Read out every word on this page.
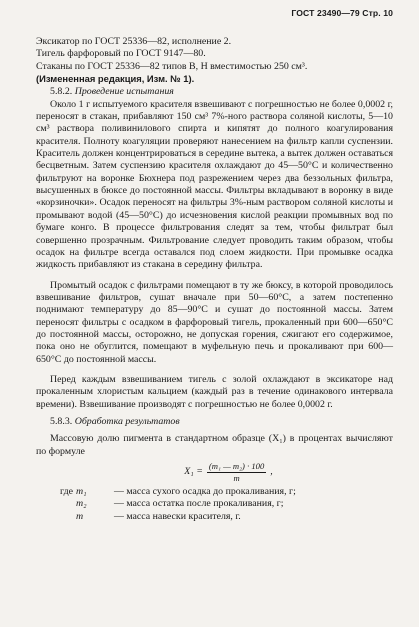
ГОСТ 23490—79 Стр. 10

Эксикатор по ГОСТ 25336—82, исполнение 2.

Тигель фарфоровый по ГОСТ 9147—80.

Стаканы по ГОСТ 25336—82 типов В, Н вместимостью 250 см³.

(Измененная редакция, Изм. № 1).

5.8.2. Проведение испытания

Около 1 г испытуемого красителя взвешивают с погрешностью не более 0,0002 г, переносят в стакан, прибавляют 150 см³ 7%-ного раствора соляной кислоты, 5—10 см³ раствора поливинилового спирта и кипятят до полного коагулирования красителя. Полноту коагуляции проверяют нанесением на фильтр капли суспензии. Краситель должен концентрироваться в середине вытека, а вытек должен оставаться бесцветным. Затем суспензию красителя охлаждают до 45—50°С и количественно фильтруют на воронке Бюхнера под разрежением через два беззольных фильтра, высушенных в бюксе до постоянной массы. Фильтры вкладывают в воронку в виде «корзиночки». Осадок переносят на фильтры 3%-ным раствором соляной кислоты и промывают водой (45—50°С) до исчезновения кислой реакции промывных вод по бумаге конго. В процессе фильтрования следят за тем, чтобы фильтрат был совершенно прозрачным. Фильтрование следует проводить таким образом, чтобы осадок на фильтре всегда оставался под слоем жидкости. При промывке осадка жидкость прибавляют из стакана в середину фильтра.

Промытый осадок с фильтрами помещают в ту же бюксу, в которой проводилось взвешивание фильтров, сушат вначале при 50—60°С, а затем постепенно поднимают температуру до 85—90°С и сушат до постоянной массы. Затем переносят фильтры с осадком в фарфоровый тигель, прокаленный при 600—650°С до постоянной массы, осторожно, не допуская горения, сжигают его содержимое, пока оно не обуглится, помещают в муфельную печь и прокаливают при 600—650°С до постоянной массы.

Перед каждым взвешиванием тигель с золой охлаждают в эксикаторе над прокаленным хлористым кальцием (каждый раз в течение одинакового интервала времени). Взвешивание производят с погрешностью не более 0,0002 г.

5.8.3. Обработка результатов

Массовую долю пигмента в стандартном образце (X₁) в процентах вычисляют по формуле

$X_1 = \frac{\text{(m₁ — m₂) · 100}}{m}$ ,
где m₁	— масса сухого осадка до прокаливания, г;
m₂	— масса остатка после прокаливания, г;
m	— масса навески красителя, г.
